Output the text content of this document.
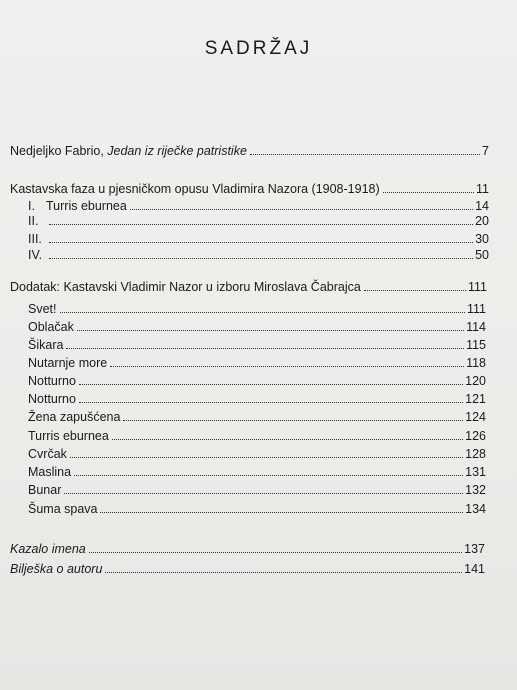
SADRŽAJ
Nedjeljko Fabrio, Jedan iz riječke patristike	7
Kastavska faza u pjesničkom opusu Vladimira Nazora (1908-1918)	11
I. Turris eburnea	14
II.	20
III.	30
IV.	50
Dodatak: Kastavski Vladimir Nazor u izboru Miroslava Čabrajca	111
Svet!	111
Oblačak	114
Šikara	115
Nutarnje more	118
Notturno	120
Notturno	121
Žena zapušćena	124
Turris eburnea	126
Cvrčak	128
Maslina	131
Bunar	132
Šuma spava	134
Kazalo imena	137
Bilješka o autoru	141
